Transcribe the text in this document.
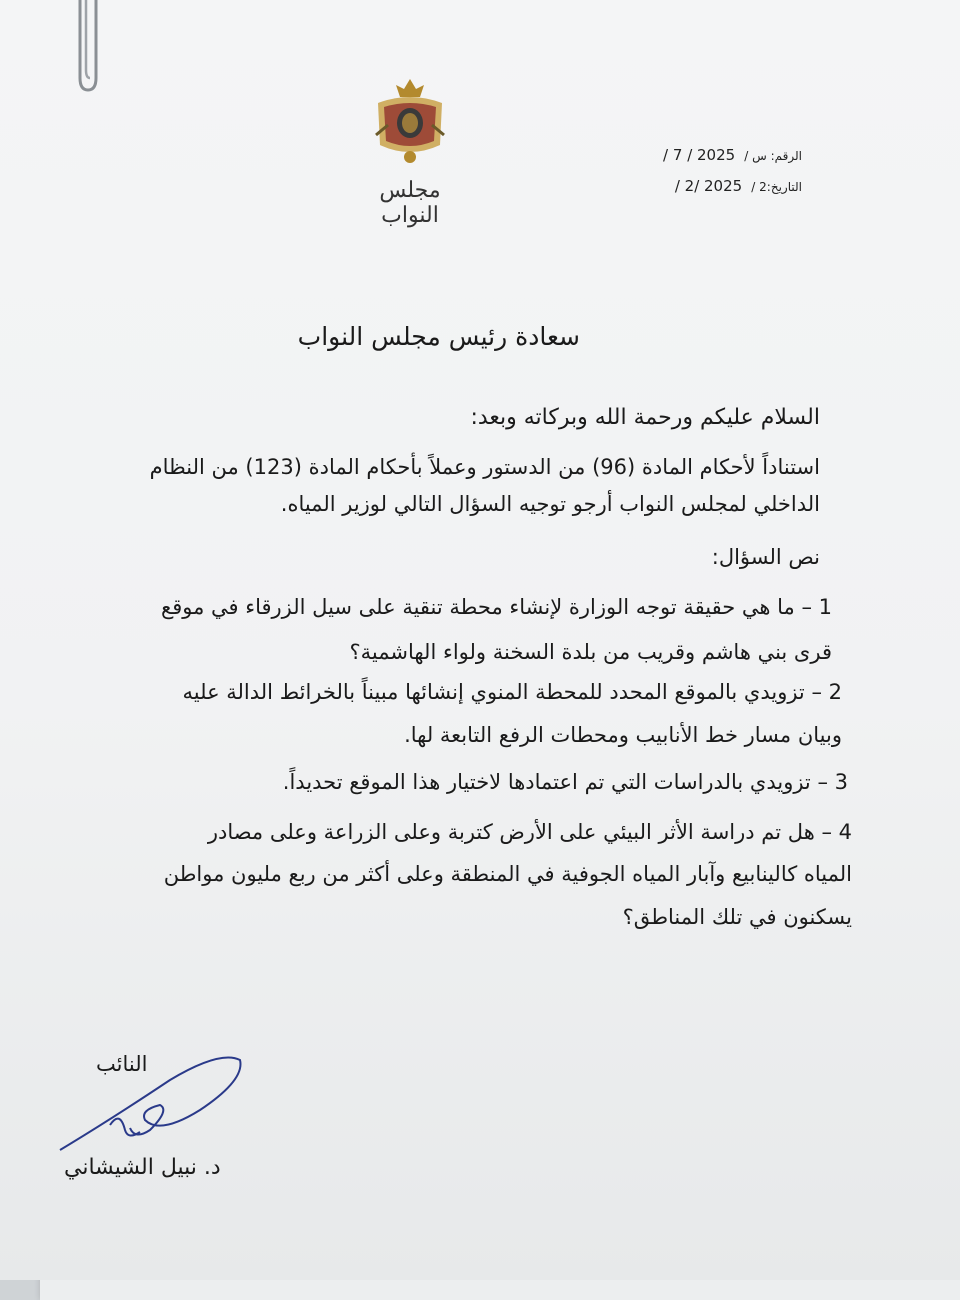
مجلس النواب
الرقم: س / 2025 / 7 /
التاريخ:2 / 2025 /2 /
سعادة رئيس مجلس النواب
السلام عليكم ورحمة الله وبركاته وبعد:
استناداً لأحكام المادة (96) من الدستور وعملاً بأحكام المادة (123) من النظام
الداخلي لمجلس النواب أرجو توجيه السؤال التالي لوزير المياه.
نص السؤال:
1 – ما هي حقيقة توجه الوزارة لإنشاء محطة تنقية على سيل الزرقاء في موقع
قرى بني هاشم وقريب من بلدة السخنة ولواء الهاشمية؟
2 – تزويدي بالموقع المحدد للمحطة المنوي إنشائها مبيناً بالخرائط الدالة عليه
وبيان مسار خط الأنابيب ومحطات الرفع التابعة لها.
3 – تزويدي بالدراسات التي تم اعتمادها لاختيار هذا الموقع تحديداً.
4 – هل تم دراسة الأثر البيئي على الأرض كتربة وعلى الزراعة وعلى مصادر
المياه كالينابيع وآبار المياه الجوفية في المنطقة وعلى أكثر من ربع مليون مواطن
يسكنون في تلك المناطق؟
النائب
د. نبيل الشيشاني
